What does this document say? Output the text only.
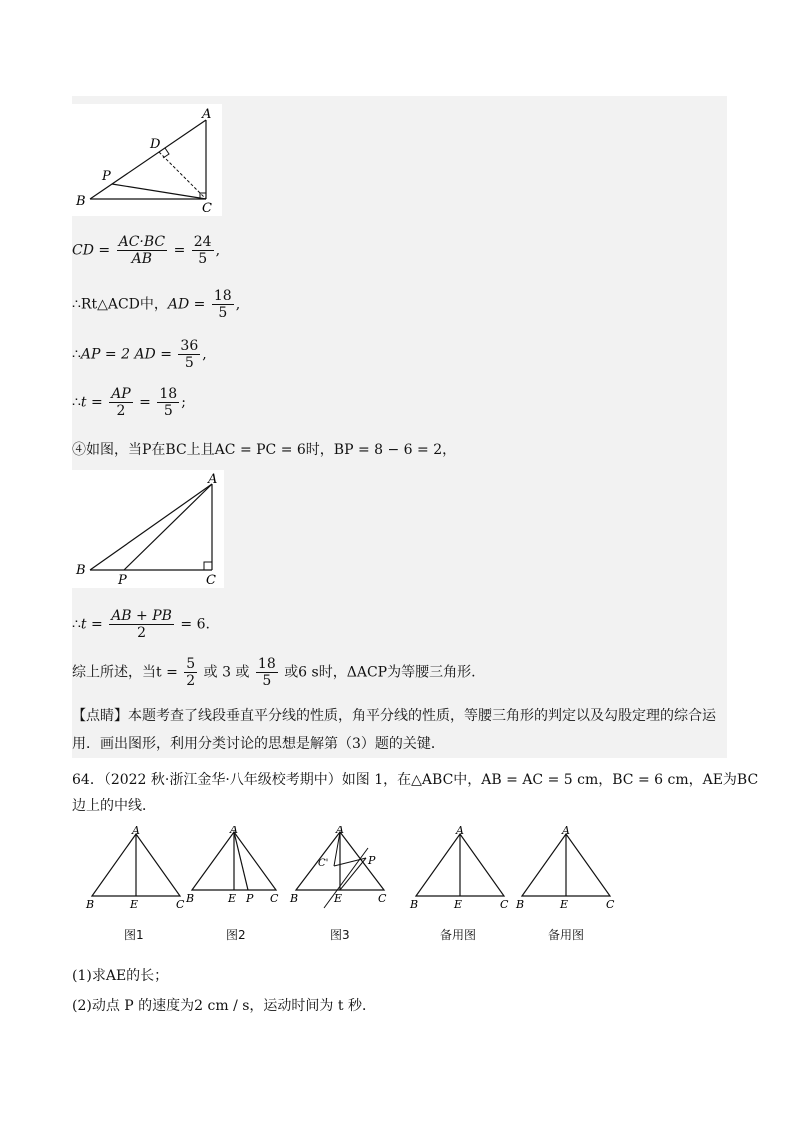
A
D
P
B	C
CD = $\frac{AC\cdot BC}{AB} = \frac{24}{5}$ ,
∴Rt△ACD中，AD = $\frac{18}{5}$ ,
∴AP = 2 AD = $\frac{36}{5}$ ,
∴t = $\frac{AP}{2} = \frac{18}{5}$ ;
④如图，当P在BC上且AC = PC = 6时，BP = 8 − 6 = 2，
A
B
P	C
∴t = $\frac{AB + PB}{2} = 6$.
综上所述，当$t = \frac{5}{2}$ 或 3 或 $\frac{18}{5}$ 或6 s时，ΔACP为等腰三角形.
【点睛】本题考查了线段垂直平分线的性质，角平分线的性质，等腰三角形的判定以及勾股定理的综合运
用．画出图形，利用分类讨论的思想是解第（3）题的关键．
64．（2022 秋·浙江金华·八年级校考期中）如图 1，在△ABC中，AB = AC = 5 cm，BC = 6 cm，AE为BC
边上的中线．
A
B	E	C
A
B	E P C
A
C'	P
B	E	C
A
B	E	C
A
B	E	C
图1	图2	图3	备用图	备用图
(1)求AE的长；
(2)动点 P 的速度为2 cm / s，运动时间为 t 秒．
